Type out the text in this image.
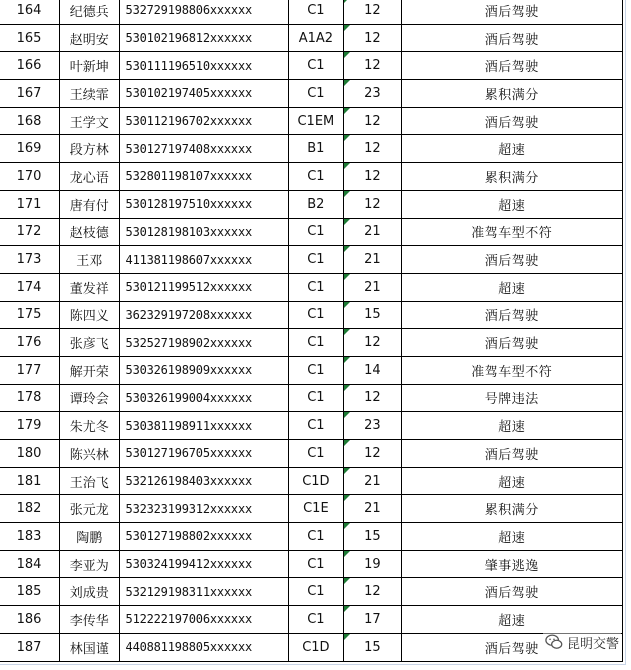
164	纪德兵	532729198806xxxxxx	C1	12	酒后驾驶
165	赵明安	530102196812xxxxxx	A1A2	12	酒后驾驶
166	叶新坤	530111196510xxxxxx	C1	12	酒后驾驶
167	王续霏	530102197405xxxxxx	C1	23	累积满分
168	王学文	530112196702xxxxxx	C1EM	12	酒后驾驶
169	段方林	530127197408xxxxxx	B1	12	超速
170	龙心语	532801198107xxxxxx	C1	12	累积满分
171	唐有付	530128197510xxxxxx	B2	12	超速
172	赵枝德	530128198103xxxxxx	C1	21	准驾车型不符
173	王邓	411381198607xxxxxx	C1	21	酒后驾驶
174	董发祥	530121199512xxxxxx	C1	21	超速
175	陈四义	362329197208xxxxxx	C1	15	酒后驾驶
176	张彦飞	532527198902xxxxxx	C1	12	酒后驾驶
177	解开荣	530326198909xxxxxx	C1	14	准驾车型不符
178	谭玲会	530326199004xxxxxx	C1	12	号牌违法
179	朱尤冬	530381198911xxxxxx	C1	23	超速
180	陈兴林	530127196705xxxxxx	C1	12	酒后驾驶
181	王治飞	532126198403xxxxxx	C1D	21	超速
182	张元龙	532323199312xxxxxx	C1E	21	累积满分
183	陶鹏	530127198802xxxxxx	C1	15	超速
184	李亚为	530324199412xxxxxx	C1	19	肇事逃逸
185	刘成贵	532129198311xxxxxx	C1	12	酒后驾驶
186	李传华	512222197006xxxxxx	C1	17	超速
187	林国谨	440881198805xxxxxx	C1D	15	酒后驾驶 昆明交警
